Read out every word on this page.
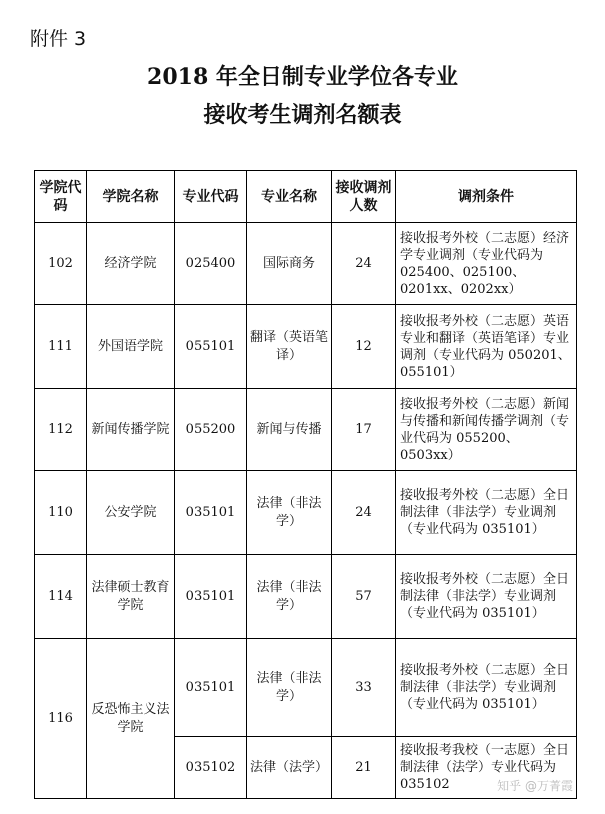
附件 3
2018 年全日制专业学位各专业
接收考生调剂名额表
学院代码	学院名称	专业代码	专业名称	接收调剂人数	调剂条件
102	经济学院	025400	国际商务	24	接收报考外校（二志愿）经济学专业调剂（专业代码为 025400、025100、0201xx、0202xx）
111	外国语学院	055101	翻译（英语笔译）	12	接收报考外校（二志愿）英语专业和翻译（英语笔译）专业调剂（专业代码为 050201、055101）
112	新闻传播学院	055200	新闻与传播	17	接收报考外校（二志愿）新闻与传播和新闻传播学调剂（专业代码为 055200、0503xx）
110	公安学院	035101	法律（非法学）	24	接收报考外校（二志愿）全日制法律（非法学）专业调剂（专业代码为 035101）
114	法律硕士教育学院	035101	法律（非法学）	57	接收报考外校（二志愿）全日制法律（非法学）专业调剂（专业代码为 035101）
116	反恐怖主义法学院	035101	法律（非法学）	33	接收报考外校（二志愿）全日制法律（非法学）专业调剂（专业代码为 035101）
		035102	法律（法学）	21	接收报考我校（一志愿）全日制法律（法学）专业代码为 035102	知乎 @万菁霞
